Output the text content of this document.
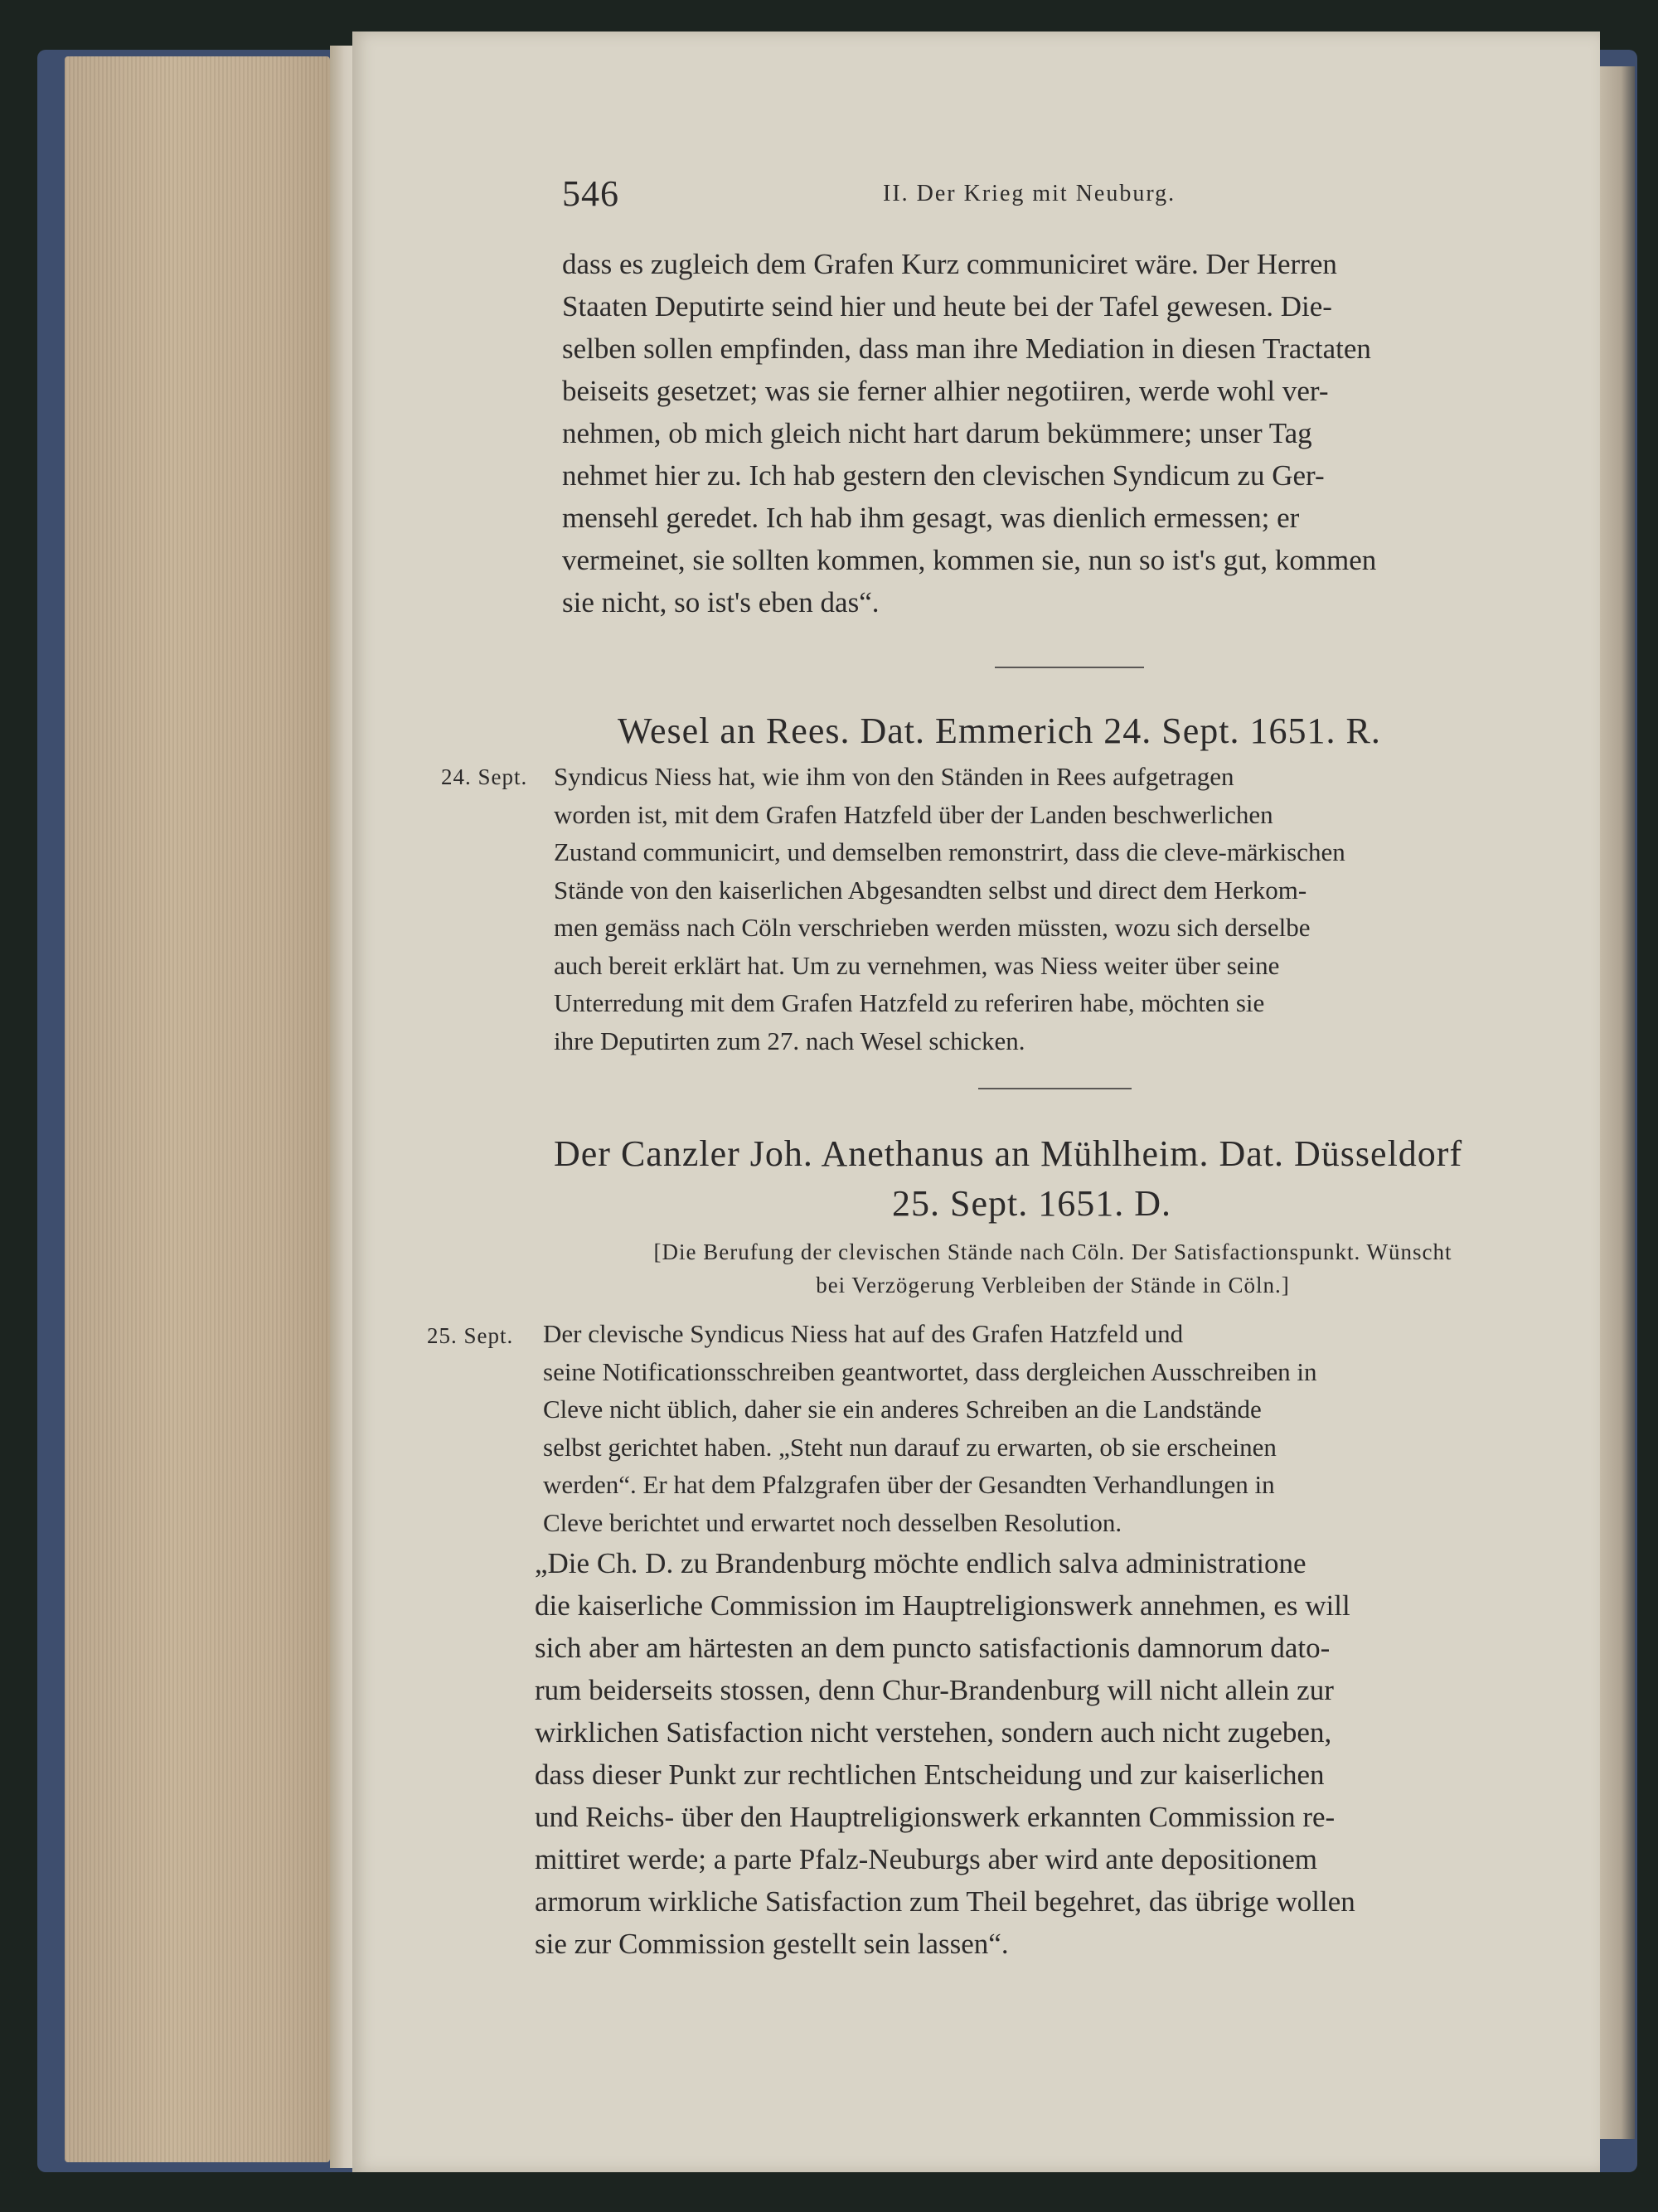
546	II. Der Krieg mit Neuburg.
dass es zugleich dem Grafen Kurz communiciret wäre. Der Herren
Staaten Deputirte seind hier und heute bei der Tafel gewesen. Die-
selben sollen empfinden, dass man ihre Mediation in diesen Tractaten
beiseits gesetzet; was sie ferner alhier negotiiren, werde wohl ver-
nehmen, ob mich gleich nicht hart darum bekümmere; unser Tag
nehmet hier zu. Ich hab gestern den clevischen Syndicum zu Ger-
mensehl geredet. Ich hab ihm gesagt, was dienlich ermessen; er
vermeinet, sie sollten kommen, kommen sie, nun so ist's gut, kommen
sie nicht, so ist's eben das“.
Wesel an Rees. Dat. Emmerich 24. Sept. 1651. R.
24. Sept. Syndicus Niess hat, wie ihm von den Ständen in Rees aufgetragen
worden ist, mit dem Grafen Hatzfeld über der Landen beschwerlichen
Zustand communicirt, und demselben remonstrirt, dass die cleve-märkischen
Stände von den kaiserlichen Abgesandten selbst und direct dem Herkom-
men gemäss nach Cöln verschrieben werden müssten, wozu sich derselbe
auch bereit erklärt hat. Um zu vernehmen, was Niess weiter über seine
Unterredung mit dem Grafen Hatzfeld zu referiren habe, möchten sie
ihre Deputirten zum 27. nach Wesel schicken.
Der Canzler Joh. Anethanus an Mühlheim. Dat. Düsseldorf
25. Sept. 1651. D.
[Die Berufung der clevischen Stände nach Cöln. Der Satisfactionspunkt. Wünscht
bei Verzögerung Verbleiben der Stände in Cöln.]
25. Sept. Der clevische Syndicus Niess hat auf des Grafen Hatzfeld und
seine Notificationsschreiben geantwortet, dass dergleichen Ausschreiben in
Cleve nicht üblich, daher sie ein anderes Schreiben an die Landstände
selbst gerichtet haben. „Steht nun darauf zu erwarten, ob sie erscheinen
werden“. Er hat dem Pfalzgrafen über der Gesandten Verhandlungen in
Cleve berichtet und erwartet noch desselben Resolution.
„Die Ch. D. zu Brandenburg möchte endlich salva administratione
die kaiserliche Commission im Hauptreligionswerk annehmen, es will
sich aber am härtesten an dem puncto satisfactionis damnorum dato-
rum beiderseits stossen, denn Chur-Brandenburg will nicht allein zur
wirklichen Satisfaction nicht verstehen, sondern auch nicht zugeben,
dass dieser Punkt zur rechtlichen Entscheidung und zur kaiserlichen
und Reichs- über den Hauptreligionswerk erkannten Commission re-
mittiret werde; a parte Pfalz-Neuburgs aber wird ante depositionem
armorum wirkliche Satisfaction zum Theil begehret, das übrige wollen
sie zur Commission gestellt sein lassen“.
